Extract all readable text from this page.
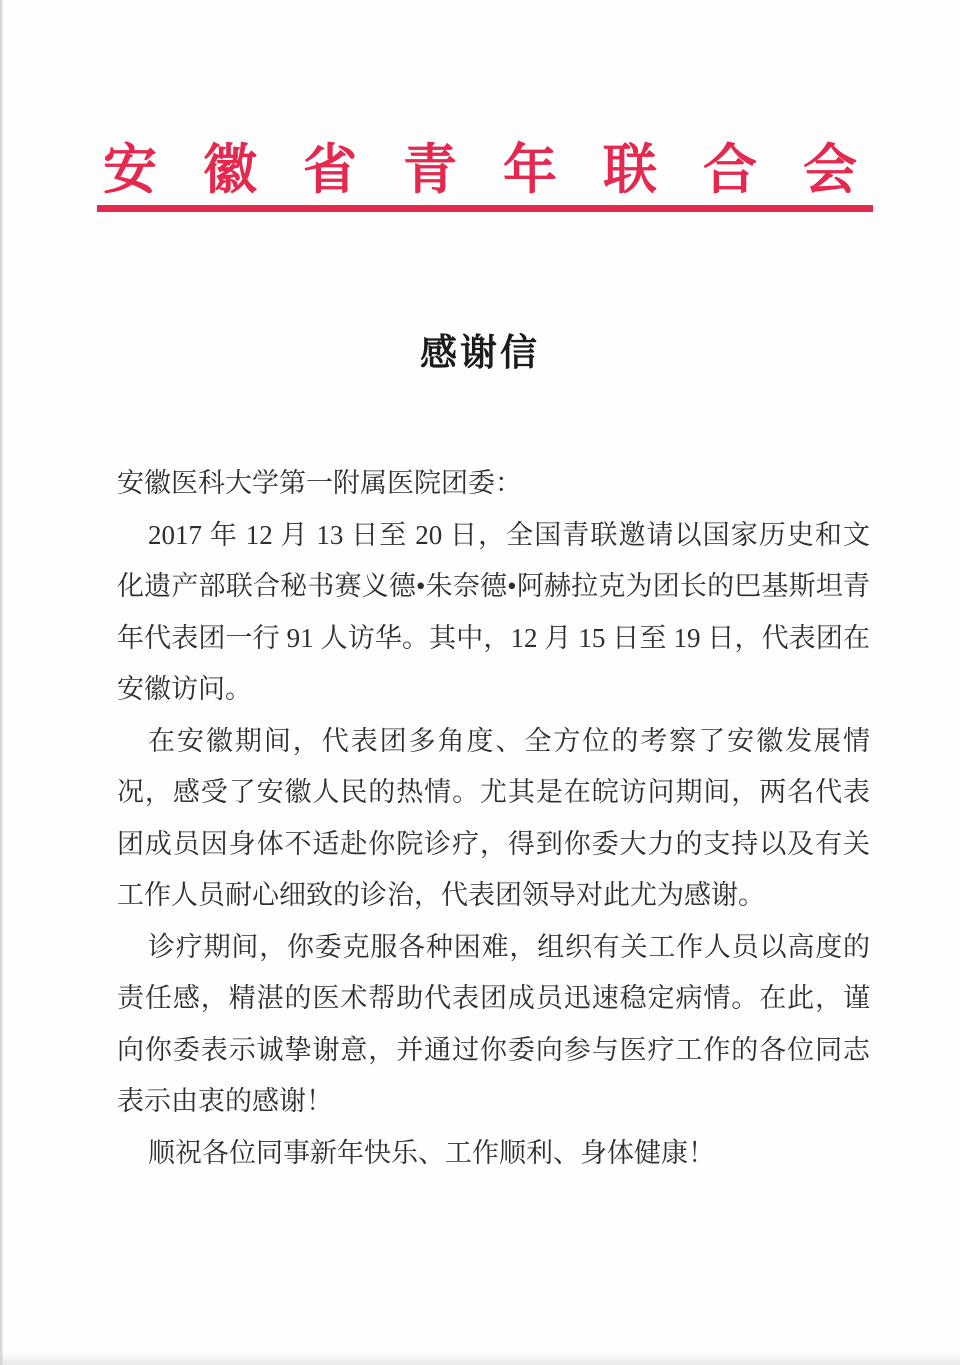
安徽省青年联合会
感谢信

安徽医科大学第一附属医院团委：

2017 年 12 月 13 日至 20 日，全国青联邀请以国家历史和文化遗产部联合秘书赛义德•朱奈德•阿赫拉克为团长的巴基斯坦青年代表团一行 91 人访华。其中，12 月 15 日至 19 日，代表团在安徽访问。

在安徽期间，代表团多角度、全方位的考察了安徽发展情况，感受了安徽人民的热情。尤其是在皖访问期间，两名代表团成员因身体不适赴你院诊疗，得到你委大力的支持以及有关工作人员耐心细致的诊治，代表团领导对此尤为感谢。

诊疗期间，你委克服各种困难，组织有关工作人员以高度的责任感，精湛的医术帮助代表团成员迅速稳定病情。在此，谨向你委表示诚挚谢意，并通过你委向参与医疗工作的各位同志表示由衷的感谢！

顺祝各位同事新年快乐、工作顺利、身体健康！
